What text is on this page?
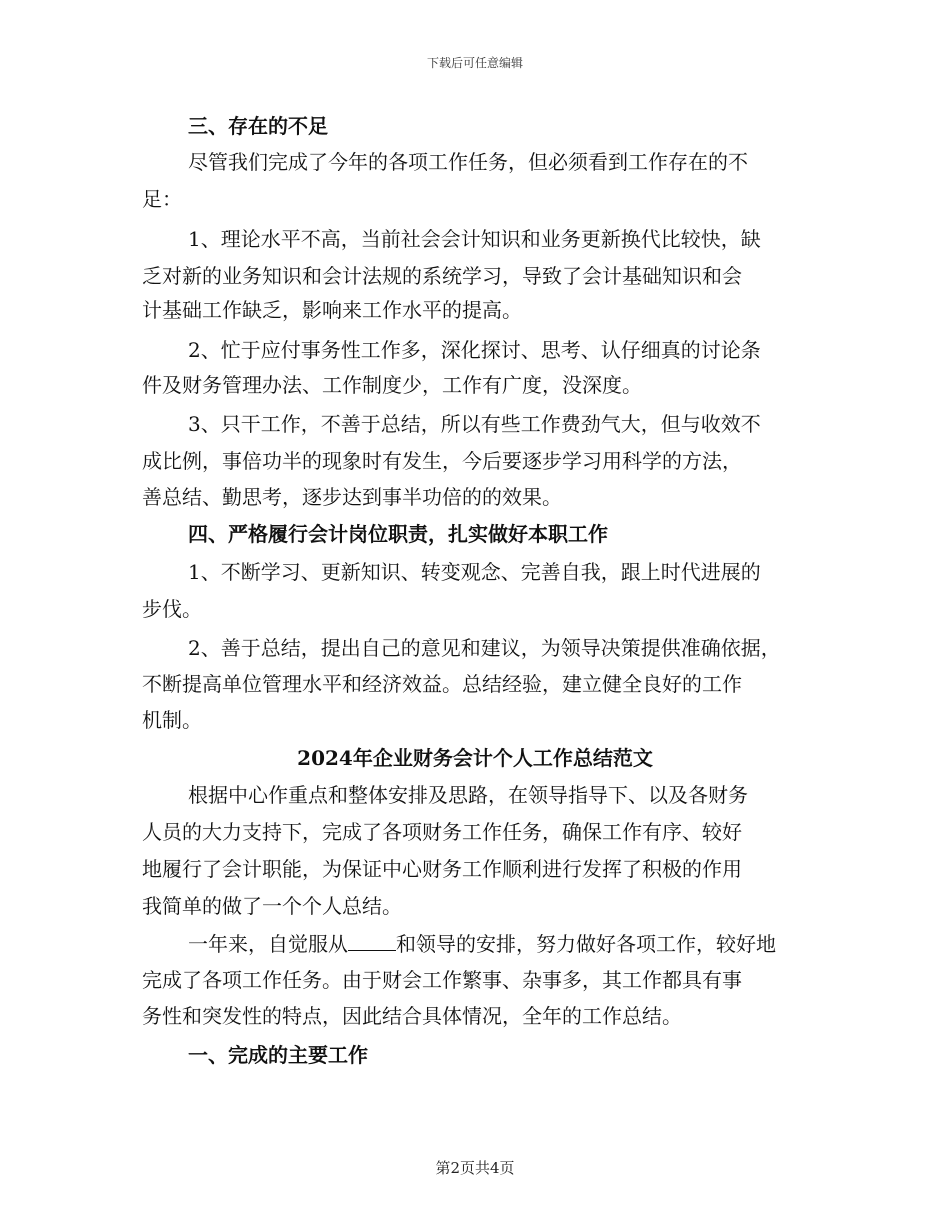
下载后可任意编辑
三、存在的不足
尽管我们完成了今年的各项工作任务，但必须看到工作存在的不
足：
1、理论水平不高，当前社会会计知识和业务更新换代比较快，缺
乏对新的业务知识和会计法规的系统学习，导致了会计基础知识和会
计基础工作缺乏，影响来工作水平的提高。
2、忙于应付事务性工作多，深化探讨、思考、认仔细真的讨论条
件及财务管理办法、工作制度少，工作有广度，没深度。
3、只干工作，不善于总结，所以有些工作费劲气大，但与收效不
成比例，事倍功半的现象时有发生，今后要逐步学习用科学的方法，
善总结、勤思考，逐步达到事半功倍的的效果。
四、严格履行会计岗位职责，扎实做好本职工作
1、不断学习、更新知识、转变观念、完善自我，跟上时代进展的
步伐。
2、善于总结，提出自己的意见和建议，为领导决策提供准确依据，
不断提高单位管理水平和经济效益。总结经验，建立健全良好的工作
机制。
2024年企业财务会计个人工作总结范文
根据中心作重点和整体安排及思路，在领导指导下、以及各财务
人员的大力支持下，完成了各项财务工作任务，确保工作有序、较好
地履行了会计职能，为保证中心财务工作顺利进行发挥了积极的作用
我简单的做了一个个人总结。
一年来，自觉服从 和领导的安排，努力做好各项工作，较好地
完成了各项工作任务。由于财会工作繁事、杂事多，其工作都具有事
务性和突发性的特点，因此结合具体情况，全年的工作总结。
一、完成的主要工作
第2页共4页
